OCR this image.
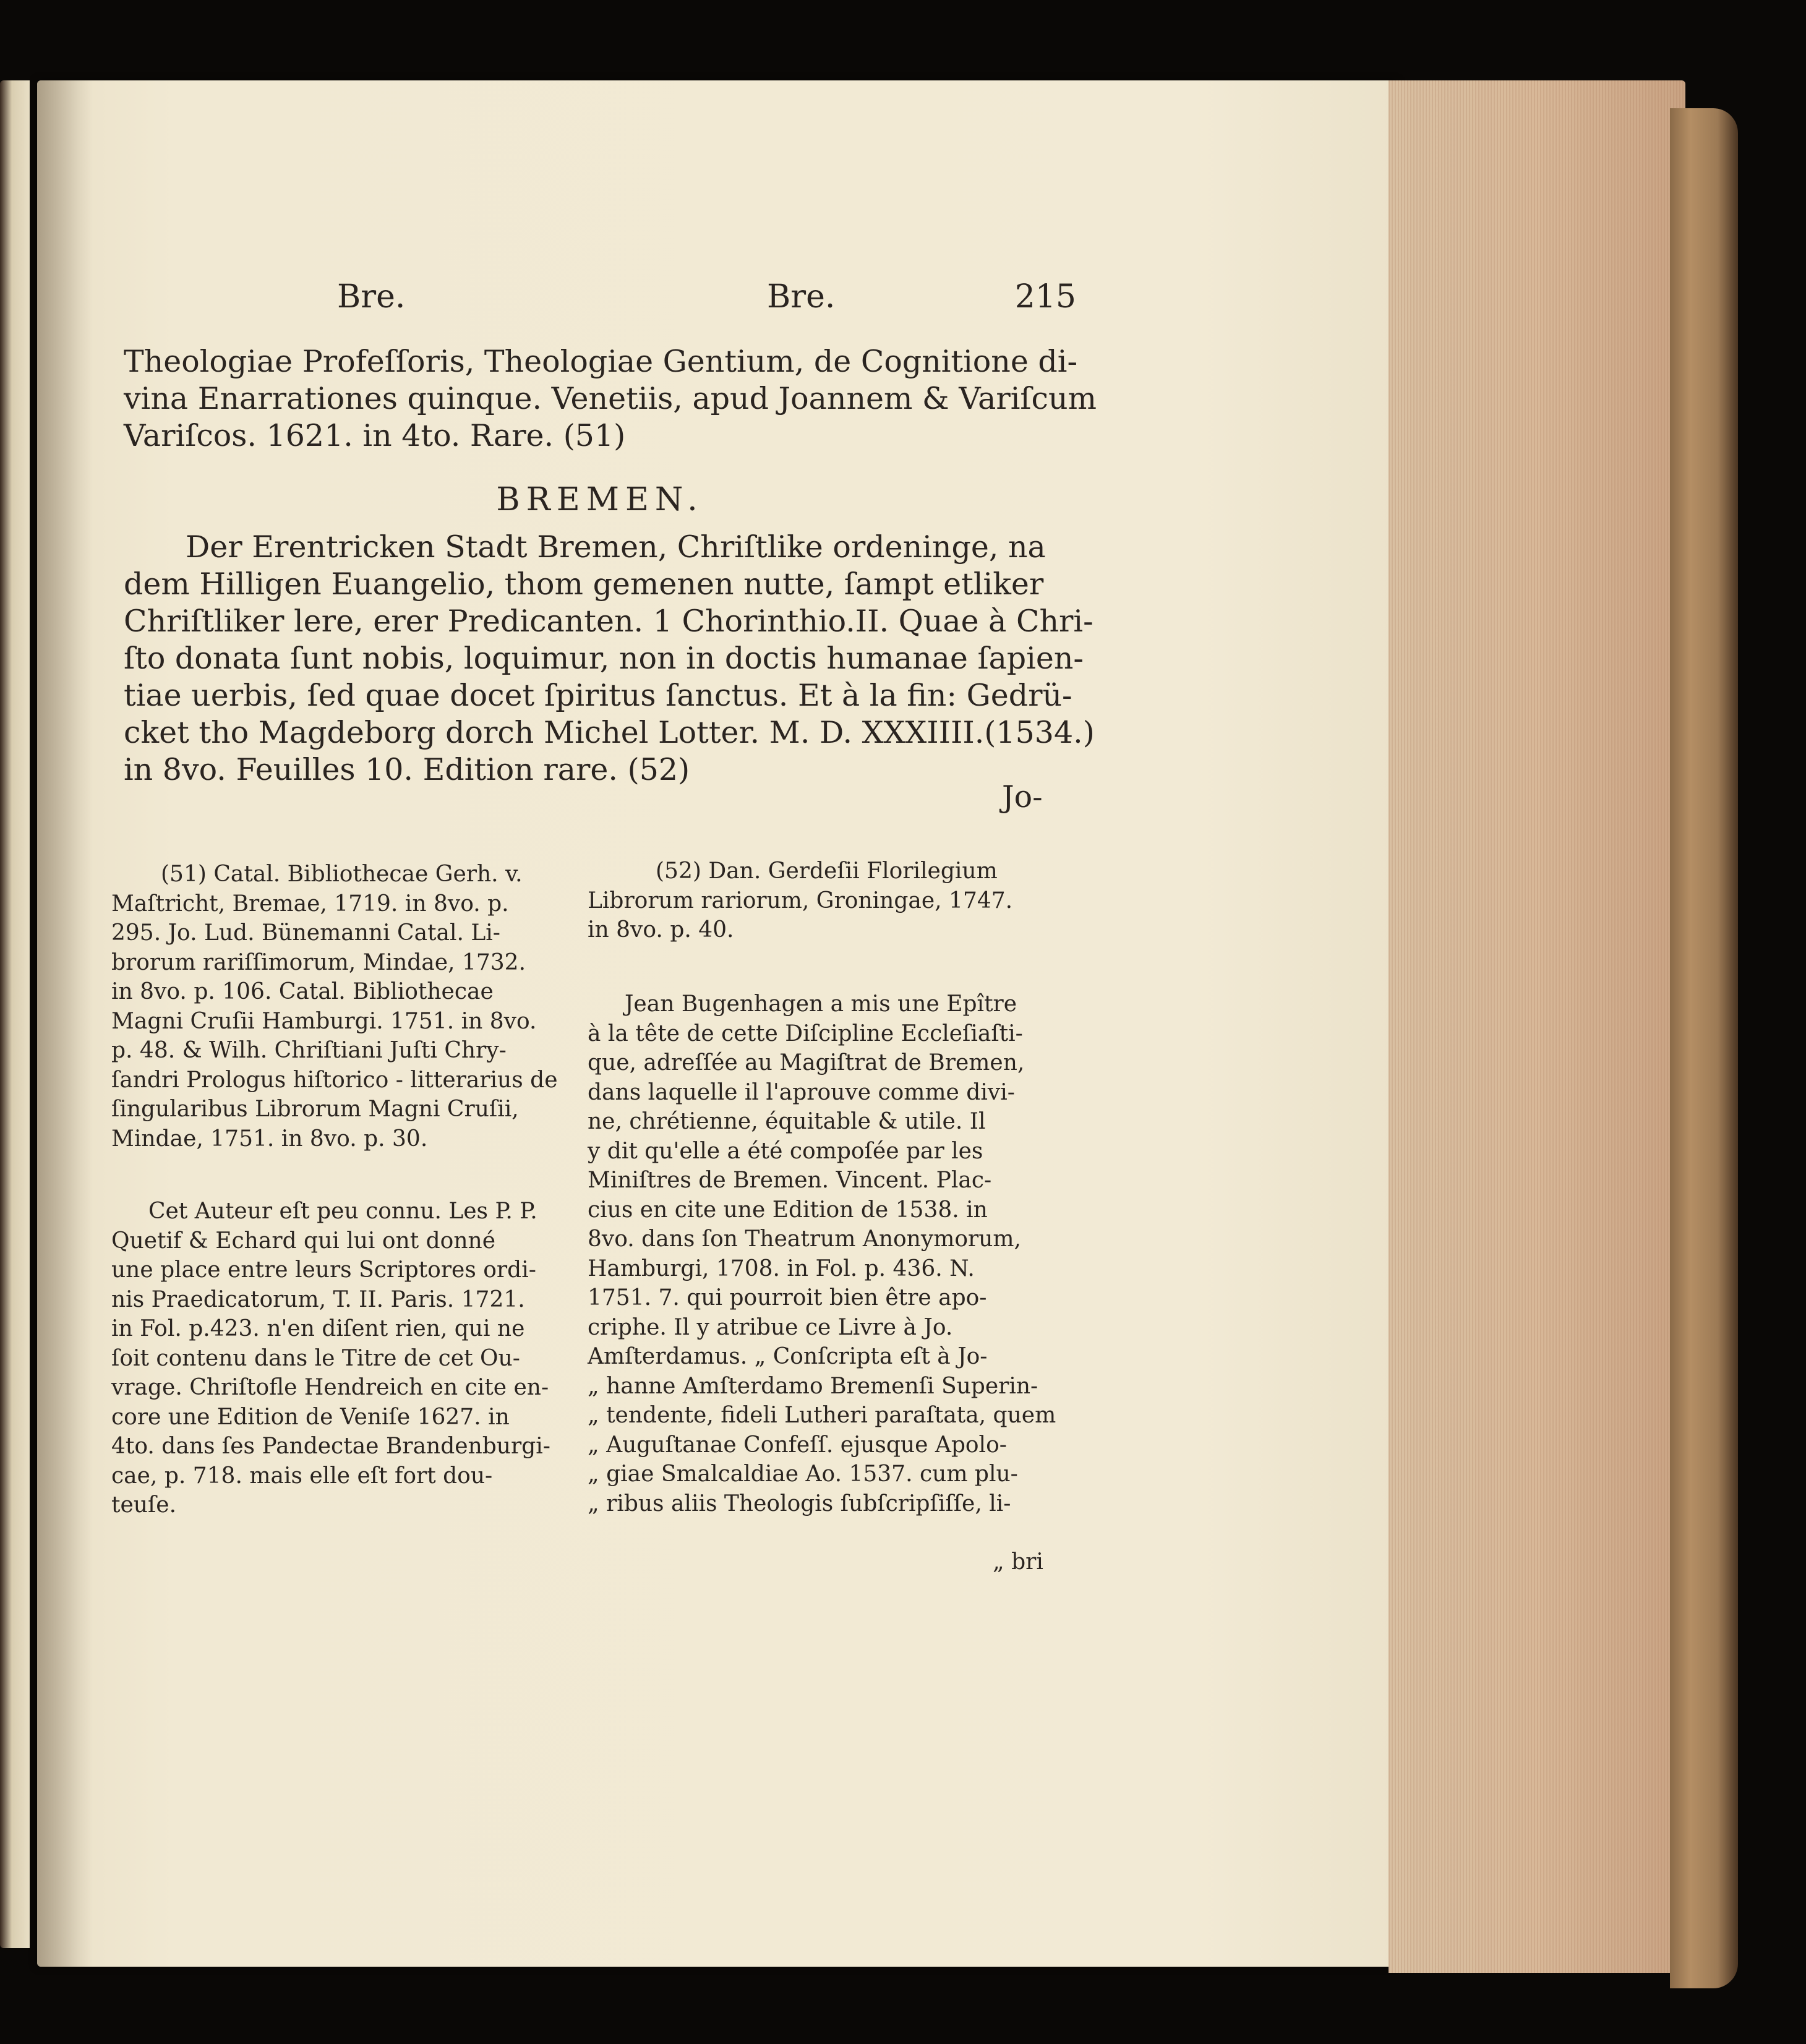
Bre.	Bre.	215
Theologiae Profeſſoris, Theologiae Gentium, de Cognitione di-
vina Enarrationes quinque. Venetiis, apud Joannem & Variſcum
Variſcos. 1621. in 4to. Rare. (51)
BREMEN.
Der Erentricken Stadt Bremen, Chriſtlike ordeninge, na
dem Hilligen Euangelio, thom gemenen nutte, ſampt etliker
Chriſtliker lere, erer Predicanten. 1 Chorinthio.II. Quae à Chri-
ſto donata ſunt nobis, loquimur, non in doctis humanae ſapien-
tiae uerbis, ſed quae docet ſpiritus ſanctus. Et à la fin: Gedrü-
cket tho Magdeborg dorch Michel Lotter. M. D. XXXIIII.(1534.)
in 8vo. Feuilles 10. Edition rare. (52)
Jo-
(51) Catal. Bibliothecae Gerh. v.
Maſtricht, Bremae, 1719. in 8vo. p.
295. Jo. Lud. Bünemanni Catal. Li-
brorum rariſſimorum, Mindae, 1732.
in 8vo. p. 106. Catal. Bibliothecae
Magni Cruſii Hamburgi. 1751. in 8vo.
p. 48. & Wilh. Chriſtiani Juſti Chry-
ſandri Prologus hiſtorico - litterarius de
ſingularibus Librorum Magni Cruſii,
Mindae, 1751. in 8vo. p. 30.
Cet Auteur eſt peu connu. Les P. P.
Quetif & Echard qui lui ont donné
une place entre leurs Scriptores ordi-
nis Praedicatorum, T. II. Paris. 1721.
in Fol. p.423. n'en diſent rien, qui ne
ſoit contenu dans le Titre de cet Ou-
vrage. Chriſtofle Hendreich en cite en-
core une Edition de Veniſe 1627. in
4to. dans ſes Pandectae Brandenburgi-
cae, p. 718. mais elle eſt fort dou-
teuſe.
(52) Dan. Gerdeſii Florilegium
Librorum rariorum, Groningae, 1747.
in 8vo. p. 40.
Jean Bugenhagen a mis une Epître
à la tête de cette Diſcipline Eccleſiaſti-
que, adreſſée au Magiſtrat de Bremen,
dans laquelle il l'aprouve comme divi-
ne, chrétienne, équitable & utile. Il
y dit qu'elle a été compoſée par les
Miniſtres de Bremen. Vincent. Plac-
cius en cite une Edition de 1538. in
8vo. dans ſon Theatrum Anonymorum,
Hamburgi, 1708. in Fol. p. 436. N.
1751. 7. qui pourroit bien être apo-
criphe. Il y atribue ce Livre à Jo.
Amſterdamus. „ Conſcripta eſt à Jo-
„ hanne Amſterdamo Bremenſi Superin-
„ tendente, fideli Lutheri paraſtata, quem
„ Auguſtanae Confeſſ. ejusque Apolo-
„ giae Smalcaldiae Ao. 1537. cum plu-
„ ribus aliis Theologis ſubſcripſiſſe, li-
„ bri
